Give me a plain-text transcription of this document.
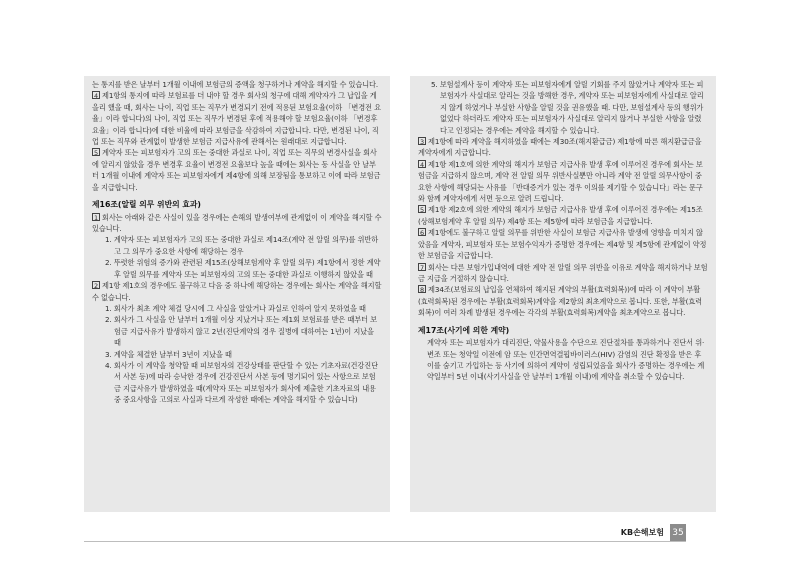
는 통지를 받은 날부터 1개월 이내에 보험금의 증액을 청구하거나 계약을 해지할 수 있습니다.

4 제1항의 통지에 따라 보험료를 더 내야 할 경우 회사의 청구에 대해 계약자가 그 납입을 게을리 했을 때, 회사는 나이, 직업 또는 직무가 변경되기 전에 적용된 보험요율(이하 「변경전 요율」이라 합니다)의 나이, 직업 또는 직무가 변경된 후에 적용해야 할 보험요율(이하 「변경후 요율」이라 합니다)에 대한 비율에 따라 보험금을 삭감하여 지급합니다. 다만, 변경된 나이, 직업 또는 직무와 관계없이 발생한 보험금 지급사유에 관해서는 원래대로 지급합니다.

5 계약자 또는 피보험자가 고의 또는 중대한 과실로 나이, 직업 또는 직무의 변경사실을 회사에 알리지 않았을 경우 변경후 요율이 변경전 요율보다 높을 때에는 회사는 동 사실을 안 날부터 1개월 이내에 계약자 또는 피보험자에게 제4항에 의해 보장됨을 통보하고 이에 따라 보험금을 지급합니다.

제16조(알릴 의무 위반의 효과)

1 회사는 아래와 같은 사실이 있을 경우에는 손해의 발생여부에 관계없이 이 계약을 해지할 수 있습니다.

1. 계약자 또는 피보험자가 고의 또는 중대한 과실로 제14조(계약 전 알릴 의무)를 위반하고 그 의무가 중요한 사항에 해당하는 경우

2. 뚜렷한 위험의 증가와 관련된 제15조(상해보험계약 후 알릴 의무) 제1항에서 정한 계약 후 알릴 의무를 계약자 또는 피보험자의 고의 또는 중대한 과실로 이행하지 않았을 때

2 제1항 제1호의 경우에도 불구하고 다음 중 하나에 해당하는 경우에는 회사는 계약을 해지할 수 없습니다.

1. 회사가 최초 계약 체결 당시에 그 사실을 알았거나 과실로 인하여 알지 못하였을 때

2. 회사가 그 사실을 안 날부터 1개월 이상 지났거나 또는 제1회 보험료를 받은 때부터 보험금 지급사유가 발생하지 않고 2년(진단계약의 경우 질병에 대하여는 1년)이 지났을 때

3. 계약을 체결한 날부터 3년이 지났을 때

4. 회사가 이 계약을 청약할 때 피보험자의 건강상태를 판단할 수 있는 기초자료(건강진단서 사본 등)에 따라 승낙한 경우에 건강진단서 사본 등에 명기되어 있는 사항으로 보험금 지급사유가 발생하였을 때(계약자 또는 피보험자가 회사에 제출한 기초자료의 내용 중 중요사항을 고의로 사실과 다르게 작성한 때에는 계약을 해지할 수 있습니다)

5. 보험설계사 등이 계약자 또는 피보험자에게 알릴 기회를 주지 않았거나 계약자 또는 피보험자가 사실대로 알리는 것을 방해한 경우, 계약자 또는 피보험자에게 사실대로 알리지 않게 하였거나 부실한 사항을 알릴 것을 권유했을 때. 다만, 보험설계사 등의 행위가 없었다 하더라도 계약자 또는 피보험자가 사실대로 알리지 않거나 부실한 사항을 알렸다고 인정되는 경우에는 계약을 해지할 수 있습니다.

3 제1항에 따라 계약을 해지하였을 때에는 제30조(해지환급금) 제1항에 따른 해지환급금을 계약자에게 지급합니다.

4 제1항 제1호에 의한 계약의 해지가 보험금 지급사유 발생 후에 이루어진 경우에 회사는 보험금을 지급하지 않으며, 계약 전 알릴 의무 위반사실뿐만 아니라 계약 전 알릴 의무사항이 중요한 사항에 해당되는 사유를 「반대증거가 있는 경우 이의를 제기할 수 있습니다」라는 문구와 함께 계약자에게 서면 등으로 알려 드립니다.

5 제1항 제2호에 의한 계약의 해지가 보험금 지급사유 발생 후에 이루어진 경우에는 제15조(상해보험계약 후 알릴 의무) 제4항 또는 제5항에 따라 보험금을 지급합니다.

6 제1항에도 불구하고 알릴 의무를 위반한 사실이 보험금 지급사유 발생에 영향을 미치지 않았음을 계약자, 피보험자 또는 보험수익자가 증명한 경우에는 제4항 및 제5항에 관계없이 약정한 보험금을 지급합니다.

7 회사는 다른 보험가입내역에 대한 계약 전 알릴 의무 위반을 이유로 계약을 해지하거나 보험금 지급을 거절하지 않습니다.

8 제34조(보험료의 납입을 연체하여 해지된 계약의 부활(효력회복))에 따라 이 계약이 부활(효력회복)된 경우에는 부활(효력회복)계약을 제2항의 최초계약으로 봅니다. 또한, 부활(효력회복)이 여러 차례 발생된 경우에는 각각의 부활(효력회복)계약을 최초계약으로 봅니다.

제17조(사기에 의한 계약)

계약자 또는 피보험자가 대리진단, 약물사용을 수단으로 진단절차를 통과하거나 진단서 위·변조 또는 청약일 이전에 암 또는 인간면역결핍바이러스(HIV) 감염의 진단 확정을 받은 후 이를 숨기고 가입하는 등 사기에 의하여 계약이 성립되었음을 회사가 증명하는 경우에는 계약일부터 5년 이내(사기사실을 안 날부터 1개월 이내)에 계약을 취소할 수 있습니다.

KB손해보험 35
